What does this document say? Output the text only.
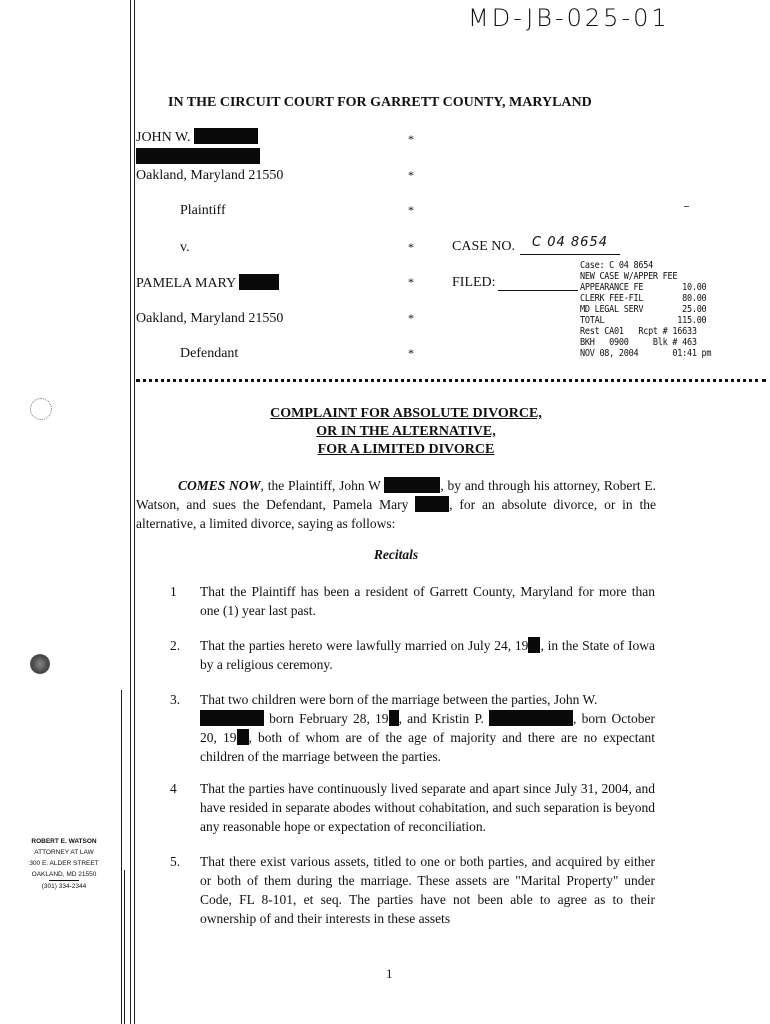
MD-JB-025-01
IN THE CIRCUIT COURT FOR GARRETT COUNTY, MARYLAND
JOHN W.
Oakland, Maryland 21550
Plaintiff
v.
PAMELA MARY
Oakland, Maryland 21550
Defendant
*
*
*
*
*
*
*
CASE NO. C 04 8654
FILED:
Case: C 04 8654
NEW CASE W/APPER FEE
APPEARANCE FE        10.00
CLERK FEE-FIL        80.00
MD LEGAL SERV        25.00
TOTAL               115.00
Rest CA01   Rcpt # 16633
BKH   0900     Blk # 463
NOV 08, 2004       01:41 pm
COMPLAINT FOR ABSOLUTE DIVORCE,
OR IN THE ALTERNATIVE,
FOR A LIMITED DIVORCE
COMES NOW, the Plaintiff, John W	, by and through his attorney, Robert E. Watson, and sues the Defendant, Pamela Mary	, for an absolute divorce, or in the alternative, a limited divorce, saying as follows:
Recitals
1	That the Plaintiff has been a resident of Garrett County, Maryland for more than one (1) year last past.
2.	That the parties hereto were lawfully married on July 24, 19 , in the State of Iowa by a religious ceremony.
3.	That two children were born of the marriage between the parties, John W.
born February 28, 19 , and Kristin P.	, born October 20, 19 , both of whom are of the age of majority and there are no expectant children of the marriage between the parties.
4	That the parties have continuously lived separate and apart since July 31, 2004, and have resided in separate abodes without cohabitation, and such separation is beyond any reasonable hope or expectation of reconciliation.
5.	That there exist various assets, titled to one or both parties, and acquired by either or both of them during the marriage. These assets are "Marital Property" under Code, FL 8-101, et seq. The parties have not been able to agree as to their ownership of and their interests in these assets
1
ROBERT E. WATSON
ATTORNEY AT LAW
300 E. ALDER STREET
OAKLAND, MD 21550
(301) 334-2344
